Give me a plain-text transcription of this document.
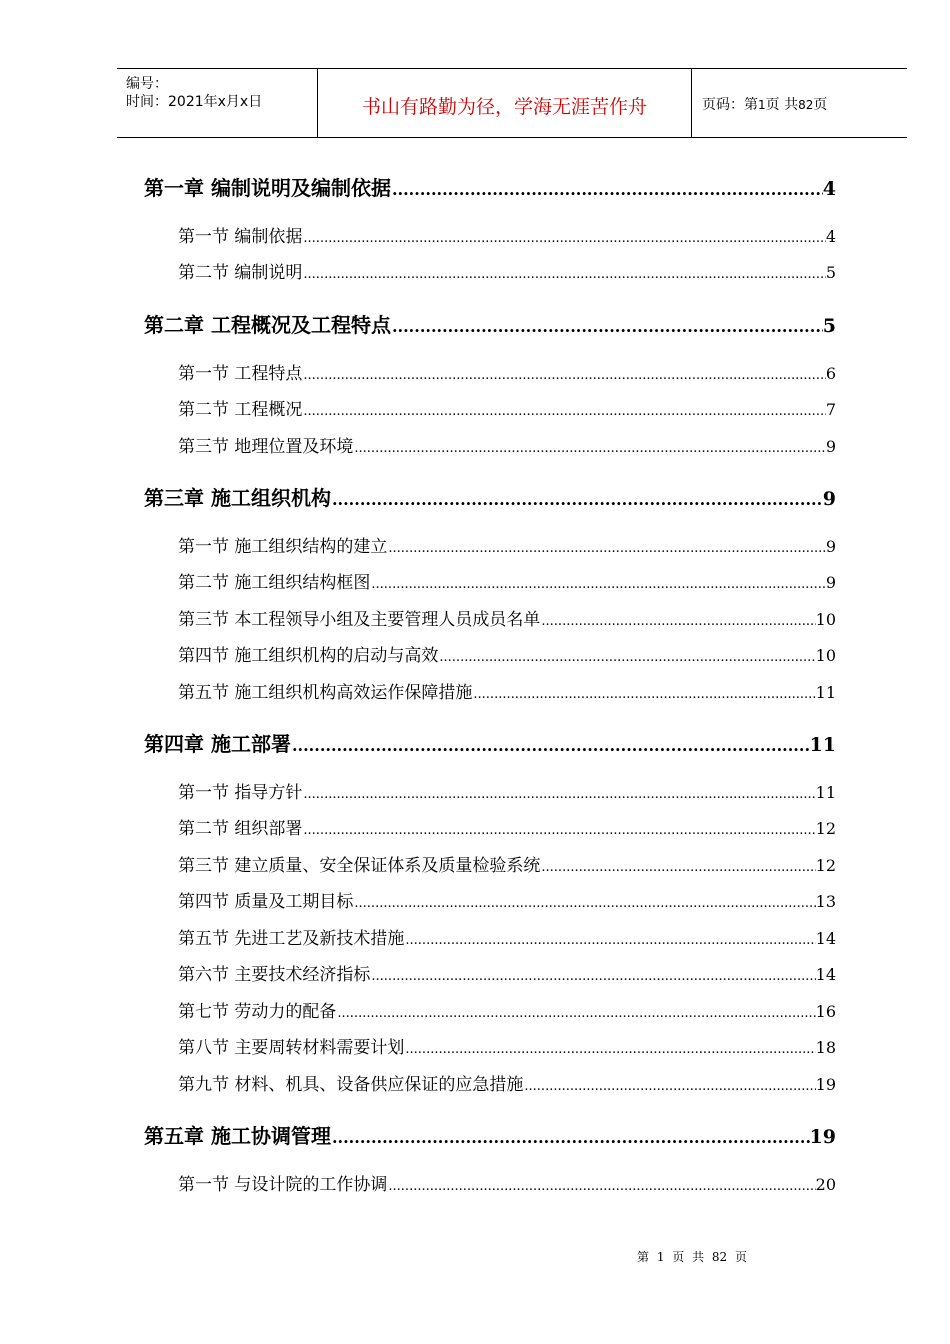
编号：
时间：2021年x月x日	书山有路勤为径，学海无涯苦作舟	页码：第1页 共82页
第一章 编制说明及编制依据 .....	4
第一节 编制依据 .....	4
第二节 编制说明 .....	5
第二章 工程概况及工程特点 .....	5
第一节 工程特点 .....	6
第二节 工程概况 .....	7
第三节 地理位置及环境 .....	9
第三章 施工组织机构 .....	9
第一节 施工组织结构的建立 .....	9
第二节 施工组织结构框图 .....	9
第三节 本工程领导小组及主要管理人员成员名单 .....	10
第四节 施工组织机构的启动与高效 .....	10
第五节 施工组织机构高效运作保障措施 .....	11
第四章 施工部署 .....	11
第一节 指导方针 .....	11
第二节 组织部署 .....	12
第三节 建立质量、安全保证体系及质量检验系统 .....	12
第四节 质量及工期目标 .....	13
第五节 先进工艺及新技术措施 .....	14
第六节 主要技术经济指标 .....	14
第七节 劳动力的配备 .....	16
第八节 主要周转材料需要计划 .....	18
第九节 材料、机具、设备供应保证的应急措施 .....	19
第五章 施工协调管理 .....	19
第一节 与设计院的工作协调 .....	20
第 1 页 共 82 页
